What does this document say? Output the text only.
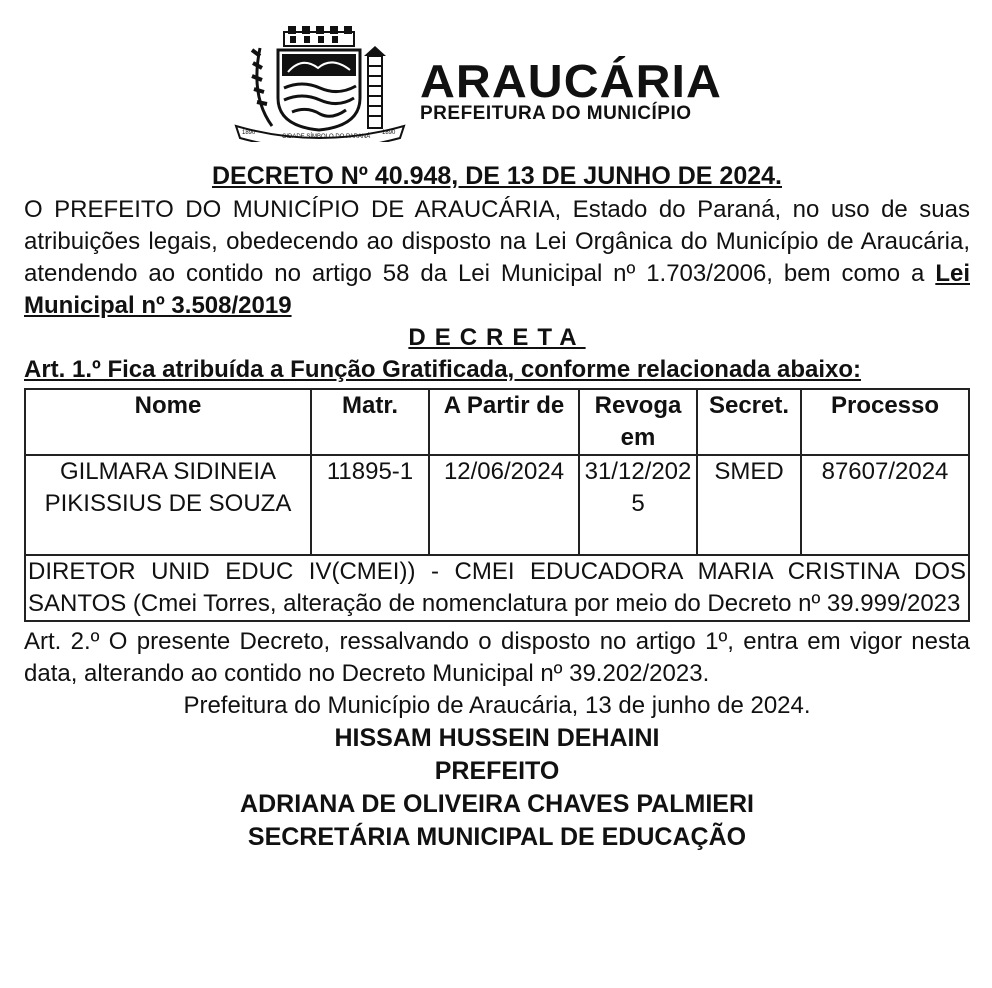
1890
CIDADE SÍMBOLO DO PARANÁ
1890
ARAUCÁRIA
PREFEITURA DO MUNICÍPIO

DECRETO Nº 40.948, DE 13 DE JUNHO DE 2024.

O PREFEITO DO MUNICÍPIO DE ARAUCÁRIA, Estado do Paraná, no uso de suas atribuições legais, obedecendo ao disposto na Lei Orgânica do Município de Araucária, atendendo ao contido no artigo 58 da Lei Municipal nº 1.703/2006, bem como a Lei Municipal nº 3.508/2019

DECRETA

Art. 1.º Fica atribuída a Função Gratificada, conforme relacionada abaixo:

Nome	Matr.	A Partir de	Revoga em	Secret.	Processo
GILMARA SIDINEIA PIKISSIUS DE SOUZA	11895-1	12/06/2024	31/12/2025	SMED	87607/2024
DIRETOR UNID EDUC IV(CMEI)) - CMEI EDUCADORA MARIA CRISTINA DOS SANTOS (Cmei Torres, alteração de nomenclatura por meio do Decreto nº 39.999/2023					

Art. 2.º O presente Decreto, ressalvando o disposto no artigo 1º, entra em vigor nesta data, alterando ao contido no Decreto Municipal nº 39.202/2023.

Prefeitura do Município de Araucária, 13 de junho de 2024.

HISSAM HUSSEIN DEHAINI
PREFEITO
ADRIANA DE OLIVEIRA CHAVES PALMIERI
SECRETÁRIA MUNICIPAL DE EDUCAÇÃO
